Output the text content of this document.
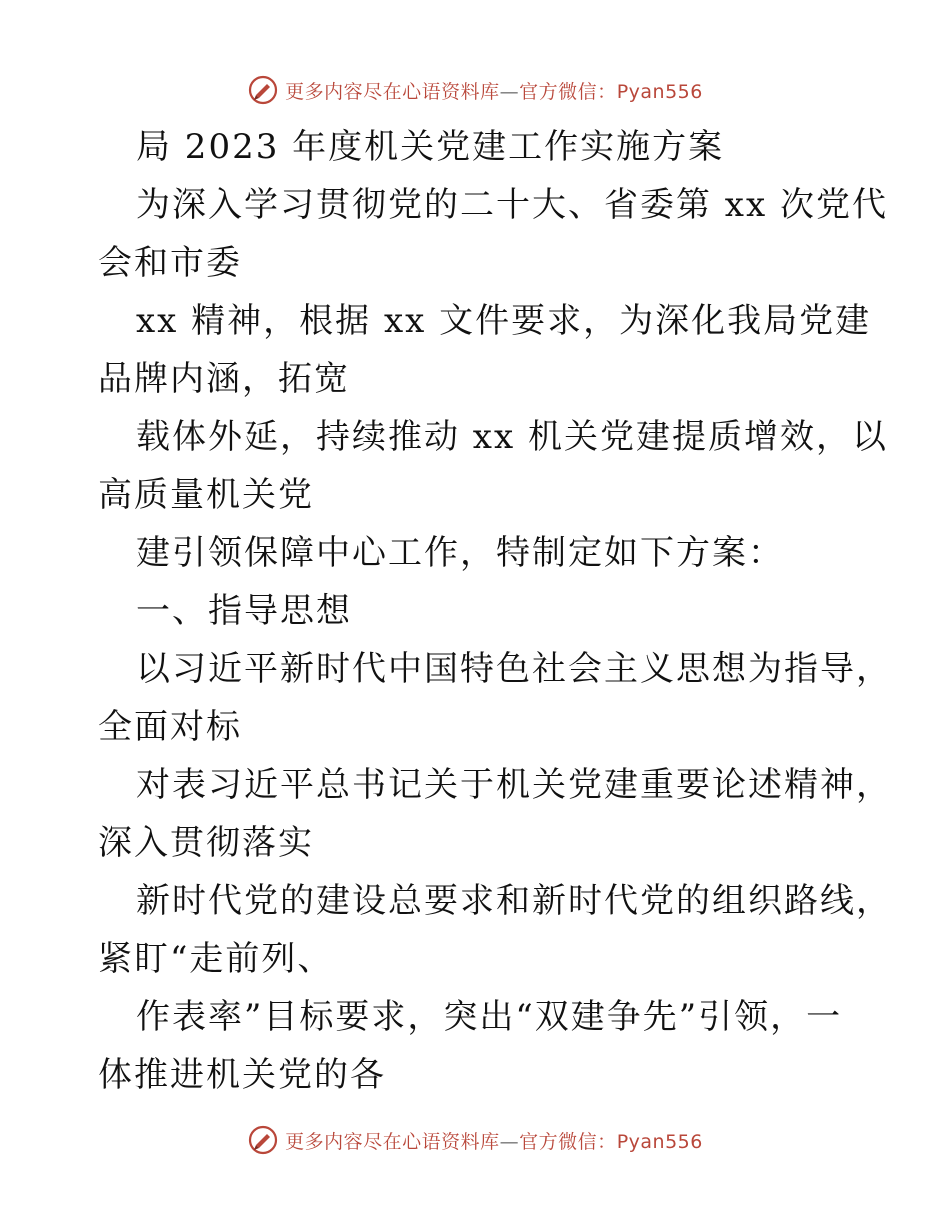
更多内容尽在心语资料库—官方微信：Pyan556
局 2023 年度机关党建工作实施方案
为深入学习贯彻党的二十大、省委第 xx 次党代
会和市委
xx 精神，根据 xx 文件要求，为深化我局党建
品牌内涵，拓宽
载体外延，持续推动 xx 机关党建提质增效，以
高质量机关党
建引领保障中心工作，特制定如下方案：
一、指导思想
以习近平新时代中国特色社会主义思想为指导，
全面对标
对表习近平总书记关于机关党建重要论述精神，
深入贯彻落实
新时代党的建设总要求和新时代党的组织路线，
紧盯“走前列、
作表率”目标要求，突出“双建争先”引领，一
体推进机关党的各
更多内容尽在心语资料库—官方微信：Pyan556
